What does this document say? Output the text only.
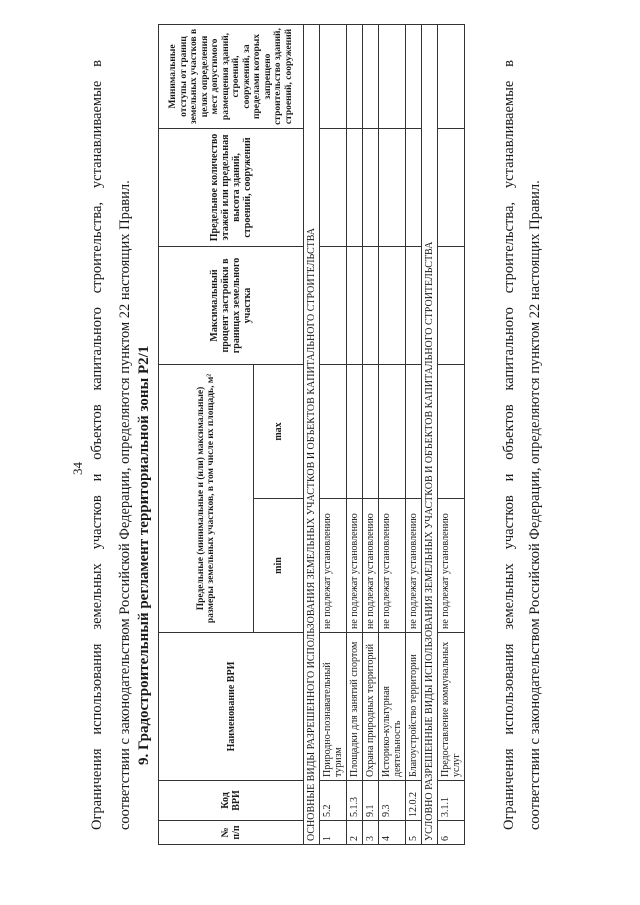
34 Ограничения использования земельных участков и объектов капитального строительства, устанавливаемые в соответствии с законодательством Российской Федерации, определяются пунктом 22 настоящих Правил. 9. Градостроительный регламент территориальной зоны Р2/1
№ п/п	Код ВРИ	Наименование ВРИ	Предельные (минимальные и (или) максимальные) размеры земельных участков, в том числе их площадь, м²		Максимальный процент застройки в границах земельного участка	Предельное количество этажей или предельная высота зданий, строений, сооружений	Минимальные отступы от границ земельных участков в целях определения мест допустимого размещения зданий, строений, сооружений, за пределами которых запрещено строительство зданий, строений, сооружений
			min	max			
ОСНОВНЫЕ ВИДЫ РАЗРЕШЕННОГО ИСПОЛЬЗОВАНИЯ ЗЕМЕЛЬНЫХ УЧАСТКОВ И ОБЪЕКТОВ КАПИТАЛЬНОГО СТРОИТЕЛЬСТВА							
1	5.2	Природно-познавательный туризм	не подлежат установлению				
2	5.1.3	Площадки для занятий спортом	не подлежат установлению				
3	9.1	Охрана природных территорий	не подлежат установлению				
4	9.3	Историко-культурная деятельность	не подлежат установлению				
5	12.0.2	Благоустройство территории	не подлежат установлению				
УСЛОВНО РАЗРЕШЕННЫЕ ВИДЫ ИСПОЛЬЗОВАНИЯ ЗЕМЕЛЬНЫХ УЧАСТКОВ И ОБЪЕКТОВ КАПИТАЛЬНОГО СТРОИТЕЛЬСТВА							
6	3.1.1	Предоставление коммунальных услуг	не подлежат установлению					Ограничения использования земельных участков и объектов капитального строительства, устанавливаемые в соответствии с законодательством Российской Федерации, определяются пунктом 22 настоящих Правил.
